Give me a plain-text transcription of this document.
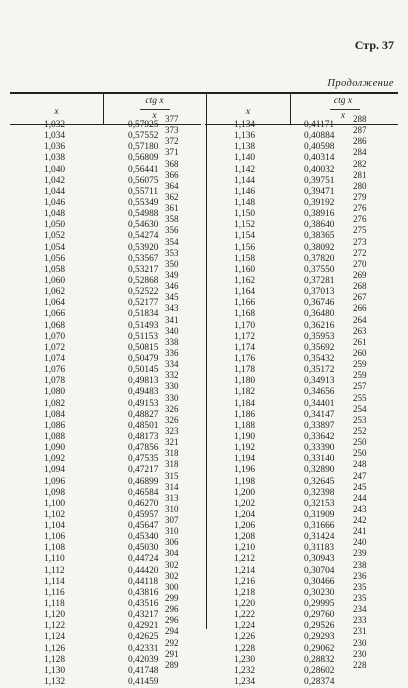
Стр. 37
Продолжение
x
ctg x
x	x
ctg x
x
1,032
1,034
1,036
1,038
1,040
1,042
1,044
1,046
1,048
1,050
1,052
1,054
1,056
1,058
1,060
1,062
1,064
1,066
1,068
1,070
1,072
1,074
1,076
1,078
1,080
1,082
1,084
1,086
1,088
1,090
1,092
1,094
1,096
1,098
1,100
1,102
1,104
1,106
1,108
1,110
1,112
1,114
1,116
1,118
1,120
1,122
1,124
1,126
1,128
1,130
1,132
0,57925
0,57552
0,57180
0,56809
0,56441
0,56075
0,55711
0,55349
0,54988
0,54630
0,54274
0,53920
0,53567
0,53217
0,52868
0,52522
0,52177
0,51834
0,51493
0,51153
0,50815
0,50479
0,50145
0,49813
0,49483
0,49153
0,48827
0,48501
0,48173
0,47856
0,47535
0,47217
0,46899
0,46584
0,46270
0,45957
0,45647
0,45340
0,45030
0,44724
0,44420
0,44118
0,43816
0,43516
0,43217
0,42921
0,42625
0,42331
0,42039
0,41748
0,41459
377
373
372
371
368
366
364
362
361
358
356
354
353
350
349
346
345
343
341
340
338
336
334
332
330
330
326
326
323
321
318
318
315
314
313
310
307
310
306
304
302
302
300
299
296
296
294
292
291
289
1,134
1,136
1,138
1,140
1,142
1,144
1,146
1,148
1,150
1,152
1,154
1,156
1,158
1,160
1,162
1,164
1,166
1,168
1,170
1,172
1,174
1,176
1,178
1,180
1,182
1,184
1,186
1,188
1,190
1,192
1,194
1,196
1,198
1,200
1,202
1,204
1,206
1,208
1,210
1,212
1,214
1,216
1,218
1,220
1,222
1,224
1,226
1,228
1,230
1,232
1,234
0,41171
0,40884
0,40598
0,40314
0,40032
0,39751
0,39471
0,39192
0,38916
0,38640
0,38365
0,38092
0,37820
0,37550
0,37281
0,37013
0,36746
0,36480
0,36216
0,35953
0,35692
0,35432
0,35172
0,34913
0,34656
0,34401
0,34147
0,33897
0,33642
0,33390
0,33140
0,32890
0,32645
0,32398
0,32153
0,31909
0,31666
0,31424
0,31183
0,30943
0,30704
0,30466
0,30230
0,29995
0,29760
0,29526
0,29293
0,29062
0,28832
0,28602
0,28374
288
287
286
284
282
281
280
279
276
276
275
273
272
270
269
268
267
266
264
263
261
260
259
259
257
255
254
253
252
250
250
248
247
245
244
243
242
241
240
239
238
236
235
235
234
233
231
230
230
228
